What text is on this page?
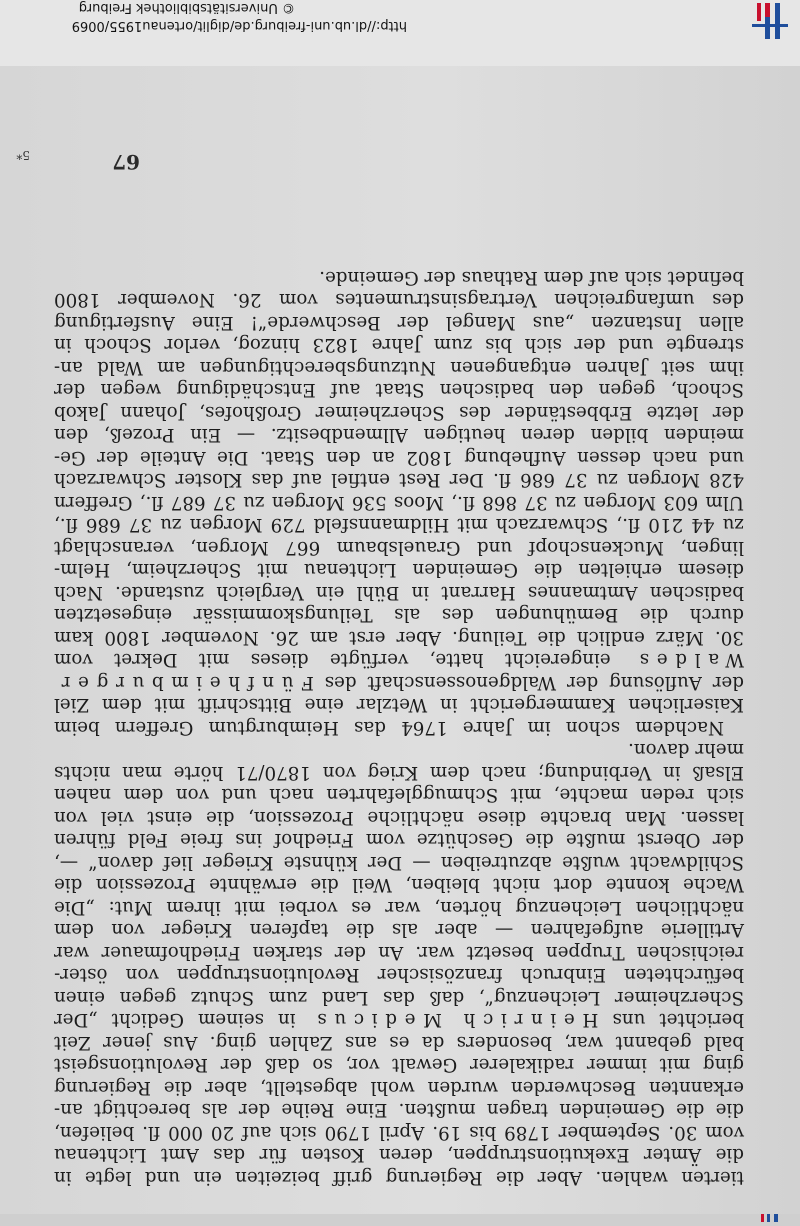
tierten wahlen. Aber die Regierung griff beizeiten ein und legte in
die Ämter Exekutionstruppen, deren Kosten für das Amt Lichtenau
vom 30. September 1789 bis 19. April 1790 sich auf 20 000 fl. beliefen,
die die Gemeinden tragen mußten. Eine Reihe der als berechtigt an-
erkannten Beschwerden wurden wohl abgestellt, aber die Regierung
ging mit immer radikalerer Gewalt vor, so daß der Revolutionsgeist
bald gebannt war, besonders da es ans Zahlen ging. Aus jener Zeit
berichtet uns Heinrich Medicus in seinem Gedicht „Der
Scherzheimer Leichenzug“, daß das Land zum Schutz gegen einen
befürchteten Einbruch französischer Revolutionstruppen von öster-
reichischen Truppen besetzt war. An der starken Friedhofmauer war
Artillerie aufgefahren — aber als die tapferen Krieger von dem
nächtlichen Leichenzug hörten, war es vorbei mit ihrem Mut: „Die
Wache konnte dort nicht bleiben, Weil die erwähnte Prozession die
Schildwacht wußte abzutreiben — Der kühnste Krieger lief davon“ —,
der Oberst mußte die Geschütze vom Friedhof ins freie Feld führen
lassen. Man brachte diese nächtliche Prozession, die einst viel von
sich reden machte, mit Schmugglefahrten nach und von dem nahen
Elsaß in Verbindung; nach dem Krieg von 1870/71 hörte man nichts
mehr davon.
Nachdem schon im Jahre 1764 das Heimburgtum Greffern beim
Kaiserlichen Kammergericht in Wetzlar eine Bittschrift mit dem Ziel
der Auflösung der Waldgenossenschaft des Fünfheimburger
Waldes eingereicht hatte, verfügte dieses mit Dekret vom
30. März endlich die Teilung. Aber erst am 26. November 1800 kam
durch die Bemühungen des als Teilungskommissär eingesetzten
badischen Amtmannes Harrant in Bühl ein Vergleich zustande. Nach
diesem erhielten die Gemeinden Lichtenau mit Scherzheim, Helm-
lingen, Muckenschopf und Grauelsbaum 667 Morgen, veranschlagt
zu 44 210 fl., Schwarzach mit Hildmannsfeld 729 Morgen zu 37 686 fl.,
Ulm 603 Morgen zu 37 868 fl., Moos 536 Morgen zu 37 687 fl., Greffern
428 Morgen zu 37 686 fl. Der Rest entfiel auf das Kloster Schwarzach
und nach dessen Aufhebung 1802 an den Staat. Die Anteile der Ge-
meinden bilden deren heutigen Allmendbesitz. — Ein Prozeß, den
der letzte Erbbeständer des Scherzheimer Großhofes, Johann Jakob
Schoch, gegen den badischen Staat auf Entschädigung wegen der
ihm seit Jahren entgangenen Nutzungsberechtigungen am Wald an-
strengte und der sich bis zum Jahre 1823 hinzog, verlor Schoch in
allen Instanzen „aus Mangel der Beschwerde“! Eine Ausfertigung
des umfangreichen Vertragsinstrumentes vom 26. November 1800
befindet sich auf dem Rathaus der Gemeinde.
67
5*
http://dl.ub.uni-freiburg.de/diglit/ortenau1955/0069
© Universitätsbibliothek Freiburg
